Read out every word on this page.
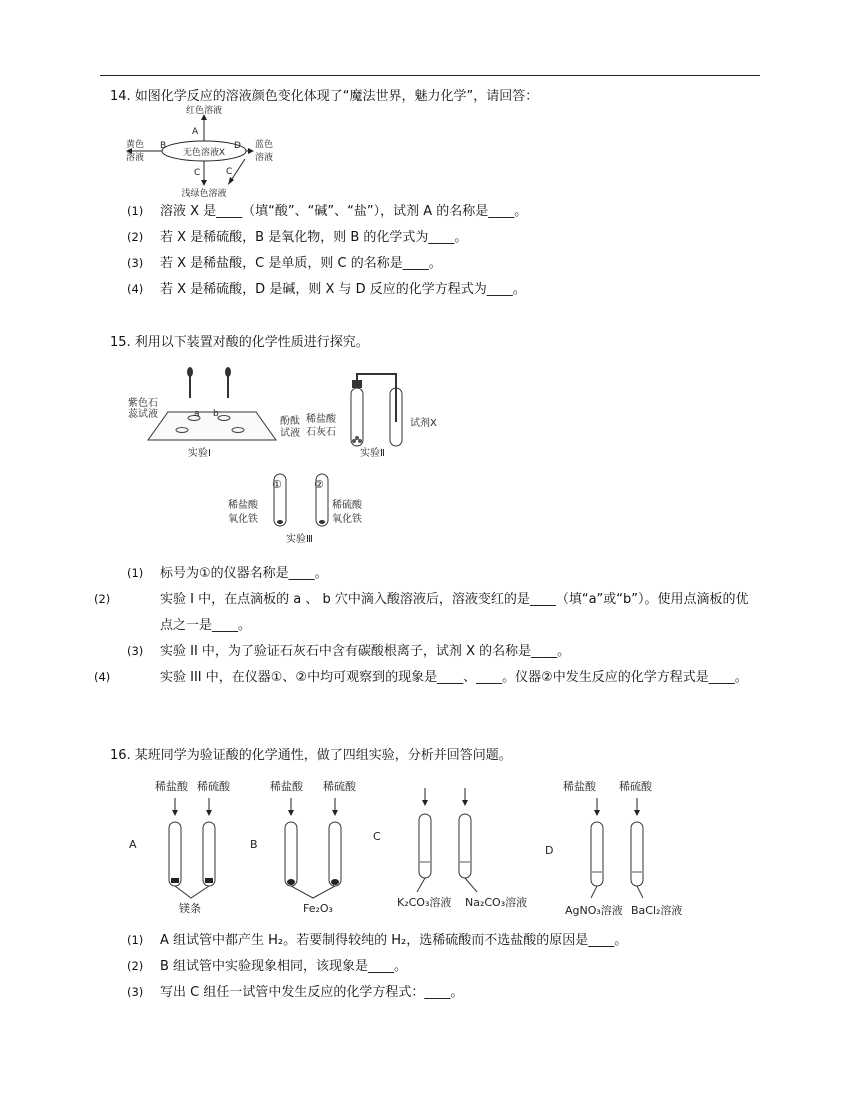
14. 如图化学反应的溶液颜色变化体现了“魔法世界，魅力化学”，请回答：
无色溶液X
红色溶液
A
B
黄色
溶液
D 蓝色
溶液
C	C
浅绿色溶液
(1) 溶液 X 是____（填“酸”、“碱”、“盐”），试剂 A 的名称是____。
(2) 若 X 是稀硫酸，B 是氧化物，则 B 的化学式为____。
(3) 若 X 是稀盐酸，C 是单质，则 C 的名称是____。
(4) 若 X 是稀硫酸，D 是碱，则 X 与 D 反应的化学方程式为____。
15. 利用以下装置对酸的化学性质进行探究。
a b
紫色石
蕊试液
酚酞
试液
实验Ⅰ
稀盐酸
石灰石
试剂X
实验Ⅱ
①	②
稀盐酸
氧化铁
稀硫酸
氧化铁
实验Ⅲ
(1) 标号为①的仪器名称是____。
(2)	实验 I 中，在点滴板的 a 、 b 穴中滴入酸溶液后，溶液变红的是____（填“a”或“b”）。使用点滴板的优点之一是____。
(3) 实验 II 中，为了验证石灰石中含有碳酸根离子，试剂 X 的名称是____。
(4)	实验 III 中，在仪器①、②中均可观察到的现象是____、____。仪器②中发生反应的化学方程式是____。
16. 某班同学为验证酸的化学通性，做了四组实验，分析并回答问题。
A
稀盐酸 稀硫酸
镁条
B
稀盐酸 稀硫酸
Fe₂O₃
C
K₂CO₃溶液 Na₂CO₃溶液
D
稀盐酸 稀硫酸
AgNO₃溶液 BaCl₂溶液
(1) A 组试管中都产生 H₂。若要制得较纯的 H₂，选稀硫酸而不选盐酸的原因是____。
(2) B 组试管中实验现象相同，该现象是____。
(3) 写出 C 组任一试管中发生反应的化学方程式：____。
